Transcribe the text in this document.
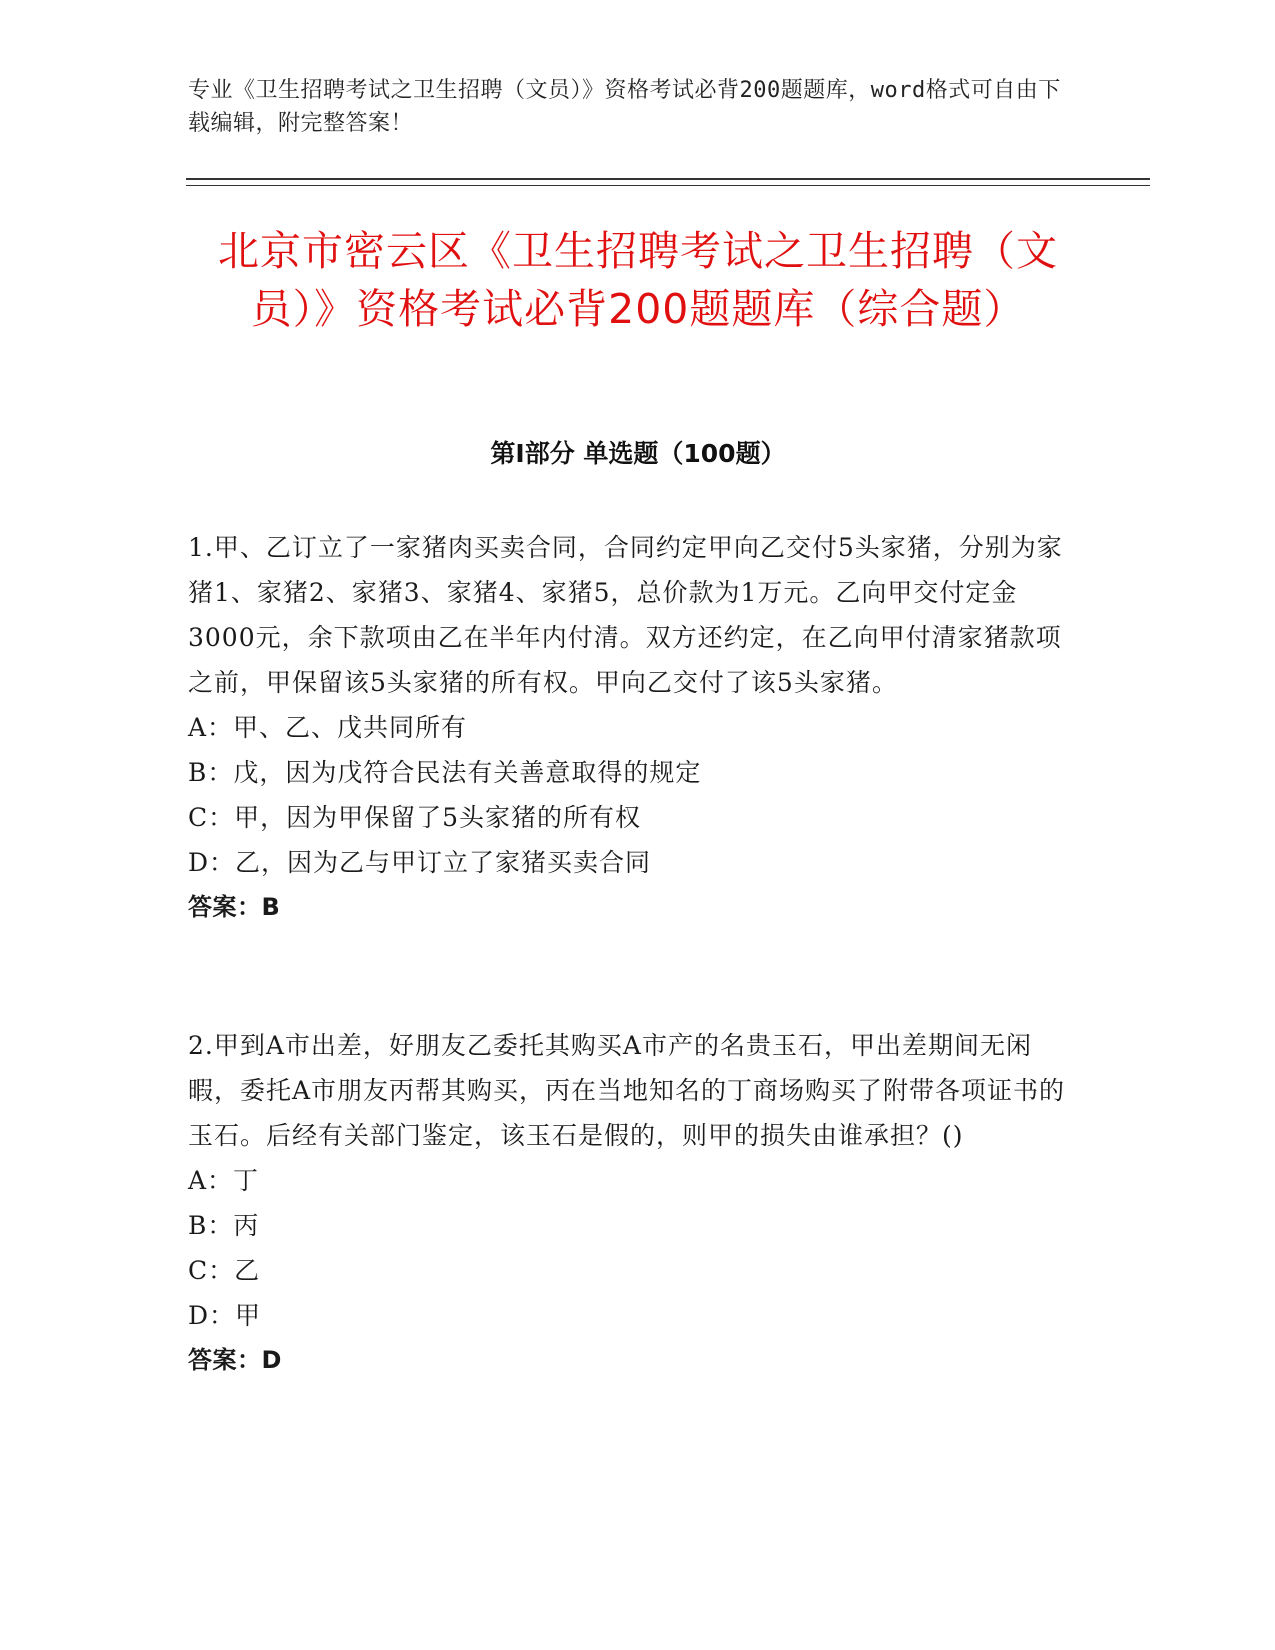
专业《卫生招聘考试之卫生招聘（文员）》资格考试必背200题题库，word格式可自由下载编辑，附完整答案！
北京市密云区《卫生招聘考试之卫生招聘（文员）》资格考试必背200题题库（综合题）
第I部分 单选题（100题）

1.甲、乙订立了一家猪肉买卖合同，合同约定甲向乙交付5头家猪，分别为家猪1、家猪2、家猪3、家猪4、家猪5，总价款为1万元。乙向甲交付定金3000元，余下款项由乙在半年内付清。双方还约定，在乙向甲付清家猪款项之前，甲保留该5头家猪的所有权。甲向乙交付了该5头家猪。

A：甲、乙、戊共同所有

B：戊，因为戊符合民法有关善意取得的规定

C：甲，因为甲保留了5头家猪的所有权

D：乙，因为乙与甲订立了家猪买卖合同

答案：B

2.甲到A市出差，好朋友乙委托其购买A市产的名贵玉石，甲出差期间无闲暇，委托A市朋友丙帮其购买，丙在当地知名的丁商场购买了附带各项证书的玉石。后经有关部门鉴定，该玉石是假的，则甲的损失由谁承担？()

A：丁

B：丙

C：乙

D：甲

答案：D
